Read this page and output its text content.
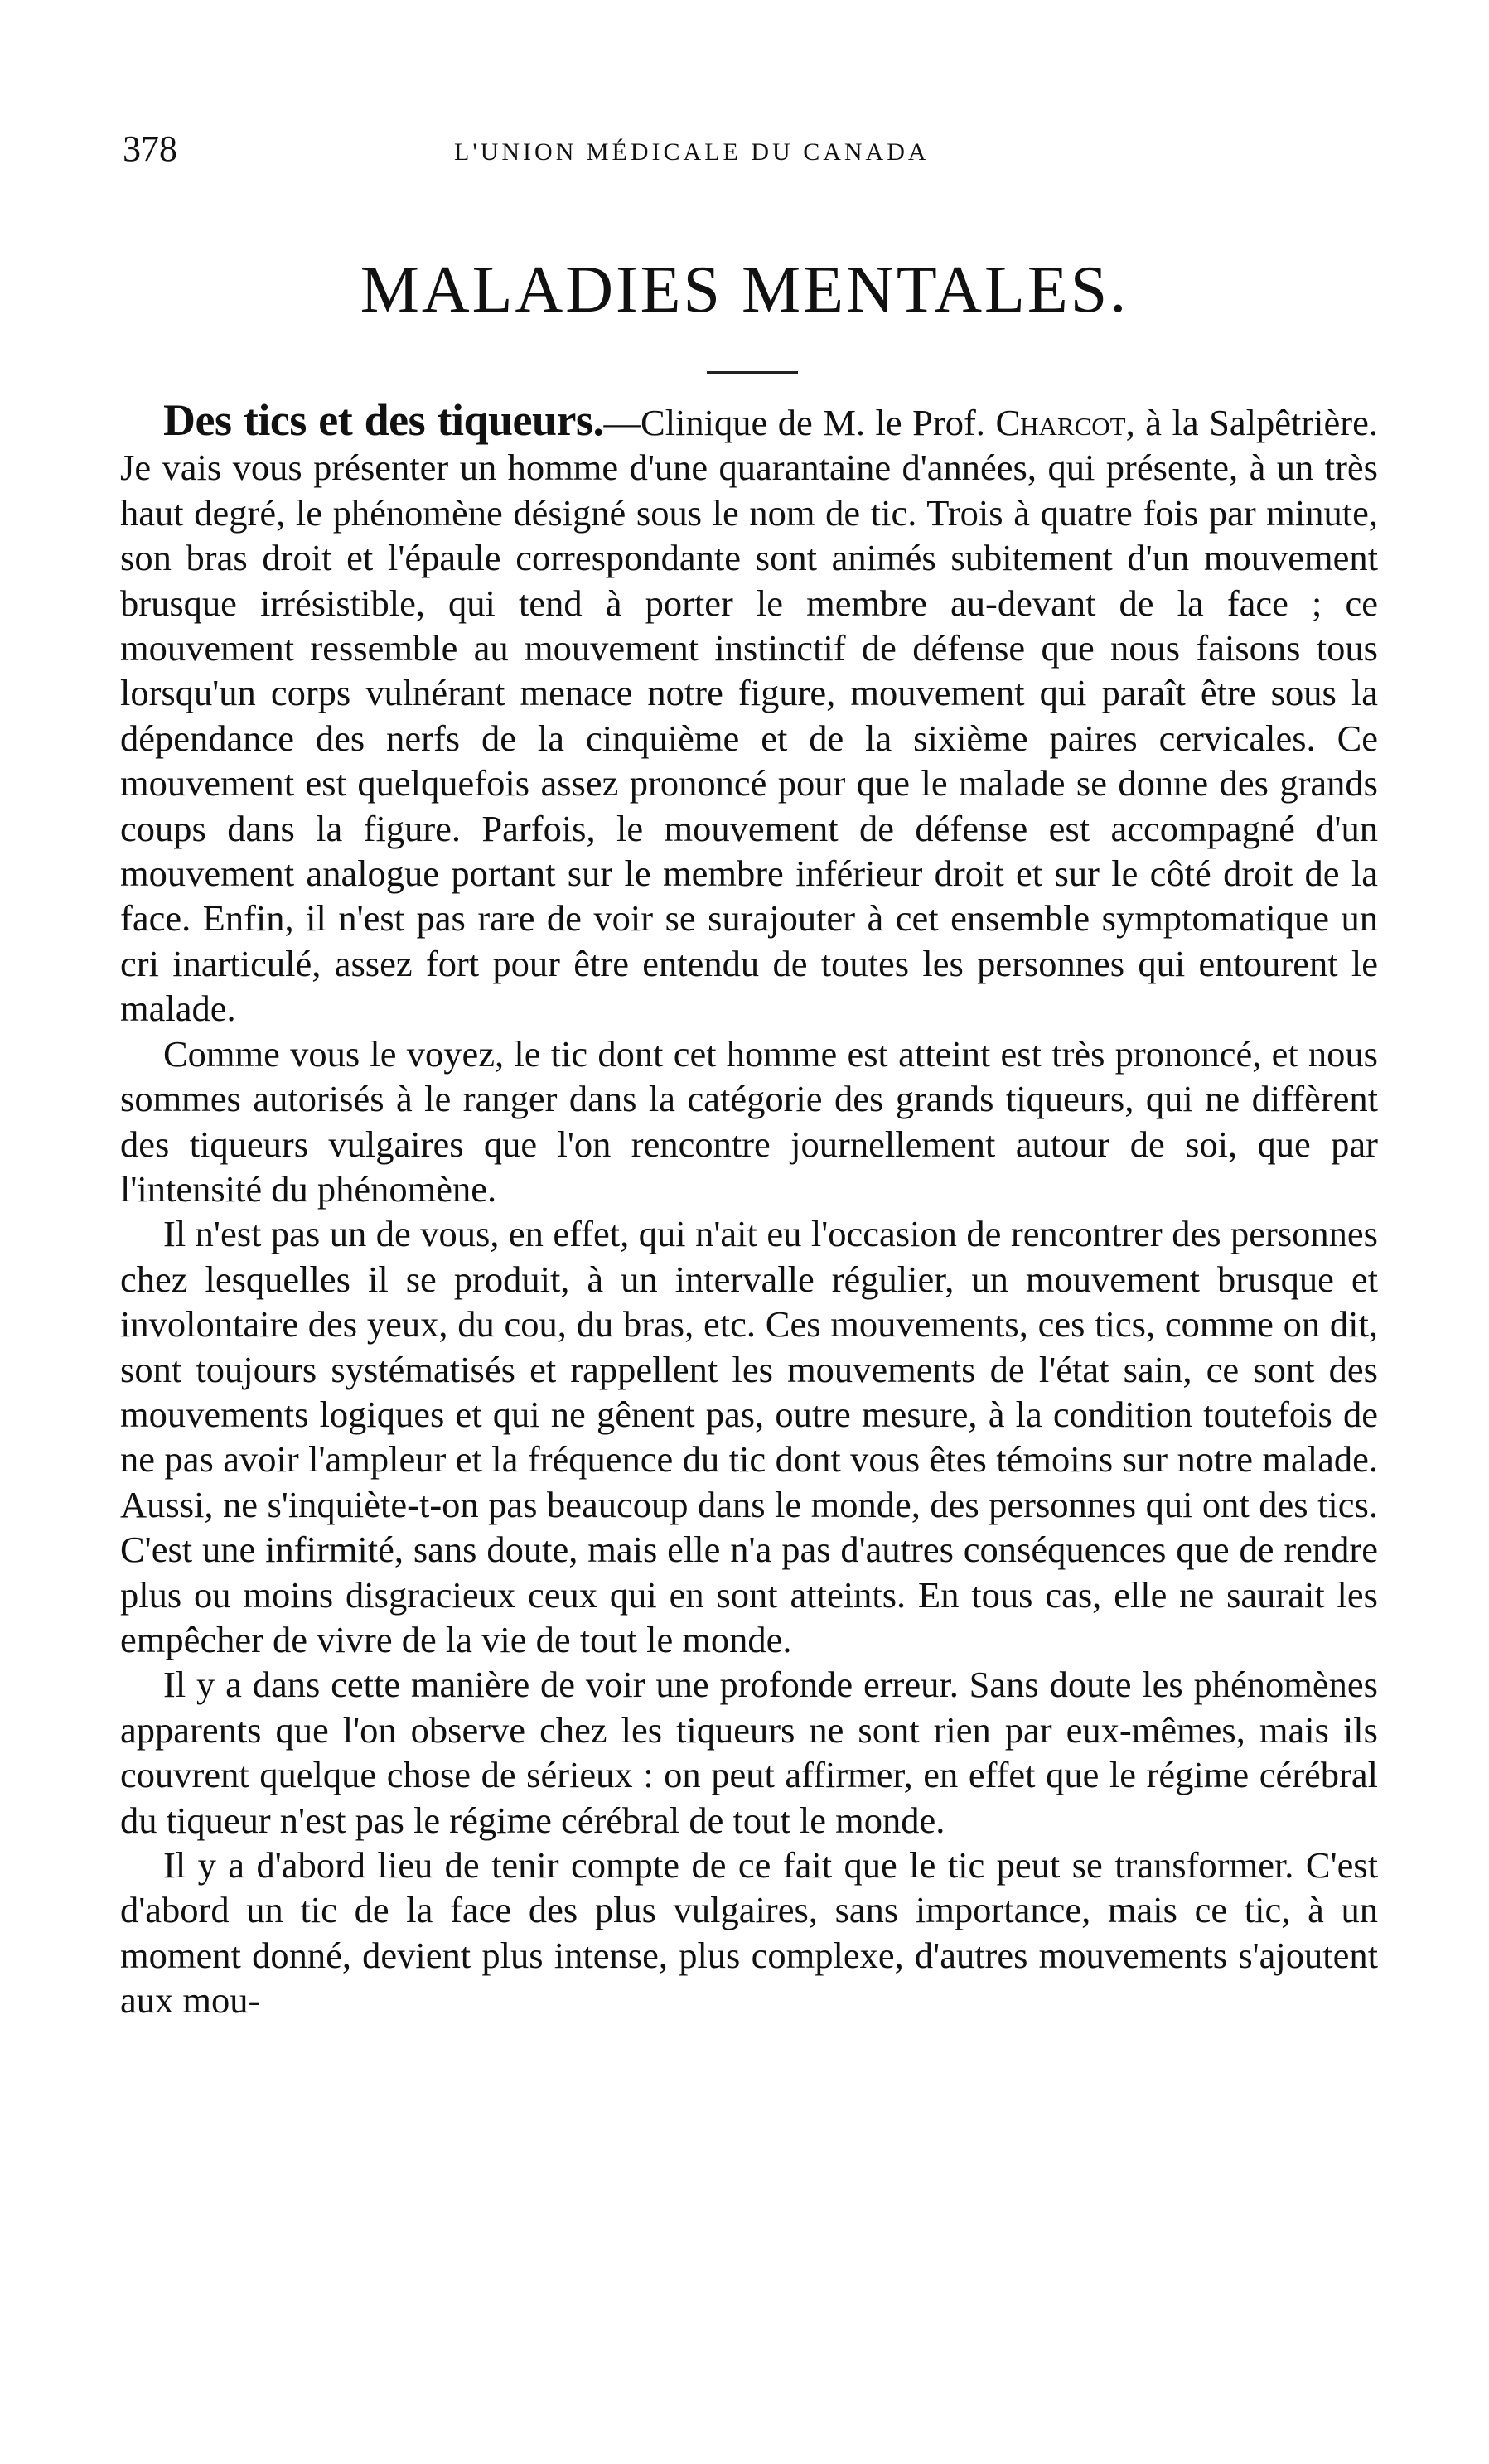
378	L'UNION MÉDICALE DU CANADA
MALADIES MENTALES.

Des tics et des tiqueurs.—Clinique de M. le Prof. Charcot, à la Salpêtrière. Je vais vous présenter un homme d'une quarantaine d'années, qui présente, à un très haut degré, le phénomène désigné sous le nom de tic. Trois à quatre fois par minute, son bras droit et l'épaule correspondante sont animés subitement d'un mouvement brusque irrésistible, qui tend à porter le membre au-devant de la face ; ce mouvement ressemble au mouvement instinctif de défense que nous faisons tous lorsqu'un corps vulnérant menace notre figure, mouvement qui paraît être sous la dépendance des nerfs de la cinquième et de la sixième paires cervicales. Ce mouvement est quelquefois assez prononcé pour que le malade se donne des grands coups dans la figure. Parfois, le mouvement de défense est accompagné d'un mouvement analogue portant sur le membre inférieur droit et sur le côté droit de la face. Enfin, il n'est pas rare de voir se surajouter à cet ensemble symptomatique un cri inarticulé, assez fort pour être entendu de toutes les personnes qui entourent le malade.

Comme vous le voyez, le tic dont cet homme est atteint est très prononcé, et nous sommes autorisés à le ranger dans la catégorie des grands tiqueurs, qui ne diffèrent des tiqueurs vulgaires que l'on rencontre journellement autour de soi, que par l'intensité du phénomène.

Il n'est pas un de vous, en effet, qui n'ait eu l'occasion de rencontrer des personnes chez lesquelles il se produit, à un intervalle régulier, un mouvement brusque et involontaire des yeux, du cou, du bras, etc. Ces mouvements, ces tics, comme on dit, sont toujours systématisés et rappellent les mouvements de l'état sain, ce sont des mouvements logiques et qui ne gênent pas, outre mesure, à la condition toutefois de ne pas avoir l'ampleur et la fréquence du tic dont vous êtes témoins sur notre malade. Aussi, ne s'inquiète-t-on pas beaucoup dans le monde, des personnes qui ont des tics. C'est une infirmité, sans doute, mais elle n'a pas d'autres conséquences que de rendre plus ou moins disgracieux ceux qui en sont atteints. En tous cas, elle ne saurait les empêcher de vivre de la vie de tout le monde.

Il y a dans cette manière de voir une profonde erreur. Sans doute les phénomènes apparents que l'on observe chez les tiqueurs ne sont rien par eux-mêmes, mais ils couvrent quelque chose de sérieux : on peut affirmer, en effet que le régime cérébral du tiqueur n'est pas le régime cérébral de tout le monde.

Il y a d'abord lieu de tenir compte de ce fait que le tic peut se transformer. C'est d'abord un tic de la face des plus vulgaires, sans importance, mais ce tic, à un moment donné, devient plus intense, plus complexe, d'autres mouvements s'ajoutent aux mou-
